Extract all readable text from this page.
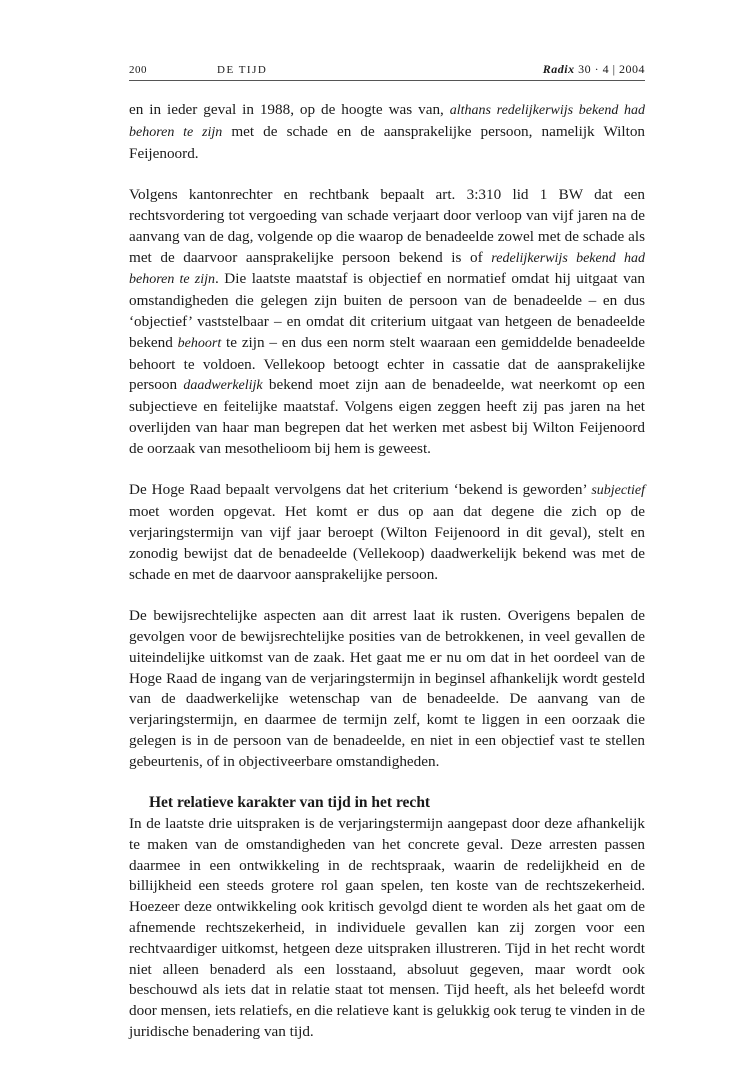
200	DE TIJD	Radix 30 · 4 | 2004

en in ieder geval in 1988, op de hoogte was van, althans redelijkerwijs bekend had behoren te zijn met de schade en de aansprakelijke persoon, namelijk Wilton Feijenoord.

Volgens kantonrechter en rechtbank bepaalt art. 3:310 lid 1 BW dat een rechtsvordering tot vergoeding van schade verjaart door verloop van vijf jaren na de aanvang van de dag, volgende op die waarop de benadeelde zowel met de schade als met de daarvoor aansprakelijke persoon bekend is of redelijkerwijs bekend had behoren te zijn. Die laatste maatstaf is objectief en normatief omdat hij uitgaat van omstandigheden die gelegen zijn buiten de persoon van de benadeelde – en dus ‘objectief’ vaststelbaar – en omdat dit criterium uitgaat van hetgeen de benadeelde bekend behoort te zijn – en dus een norm stelt waaraan een gemiddelde benadeelde behoort te voldoen. Vellekoop betoogt echter in cassatie dat de aansprakelijke persoon daadwerkelijk bekend moet zijn aan de benadeelde, wat neerkomt op een subjectieve en feitelijke maatstaf. Volgens eigen zeggen heeft zij pas jaren na het overlijden van haar man begrepen dat het werken met asbest bij Wilton Feijenoord de oorzaak van mesothelioom bij hem is geweest.

De Hoge Raad bepaalt vervolgens dat het criterium ‘bekend is geworden’ subjectief moet worden opgevat. Het komt er dus op aan dat degene die zich op de verjaringstermijn van vijf jaar beroept (Wilton Feijenoord in dit geval), stelt en zonodig bewijst dat de benadeelde (Vellekoop) daadwerkelijk bekend was met de schade en met de daarvoor aansprakelijke persoon.

De bewijsrechtelijke aspecten aan dit arrest laat ik rusten. Overigens bepalen de gevolgen voor de bewijsrechtelijke posities van de betrokkenen, in veel gevallen de uiteindelijke uitkomst van de zaak. Het gaat me er nu om dat in het oordeel van de Hoge Raad de ingang van de verjaringstermijn in beginsel afhankelijk wordt gesteld van de daadwerkelijke wetenschap van de benadeelde. De aanvang van de verjaringstermijn, en daarmee de termijn zelf, komt te liggen in een oorzaak die gelegen is in de persoon van de benadeelde, en niet in een objectief vast te stellen gebeurtenis, of in objectiveerbare omstandigheden.

Het relatieve karakter van tijd in het recht

In de laatste drie uitspraken is de verjaringstermijn aangepast door deze afhankelijk te maken van de omstandigheden van het concrete geval. Deze arresten passen daarmee in een ontwikkeling in de rechtspraak, waarin de redelijkheid en de billijkheid een steeds grotere rol gaan spelen, ten koste van de rechtszekerheid. Hoezeer deze ontwikkeling ook kritisch gevolgd dient te worden als het gaat om de afnemende rechtszekerheid, in individuele gevallen kan zij zorgen voor een rechtvaardiger uitkomst, hetgeen deze uitspraken illustreren. Tijd in het recht wordt niet alleen benaderd als een losstaand, absoluut gegeven, maar wordt ook beschouwd als iets dat in relatie staat tot mensen. Tijd heeft, als het beleefd wordt door mensen, iets relatiefs, en die relatieve kant is gelukkig ook terug te vinden in de juridische benadering van tijd.
